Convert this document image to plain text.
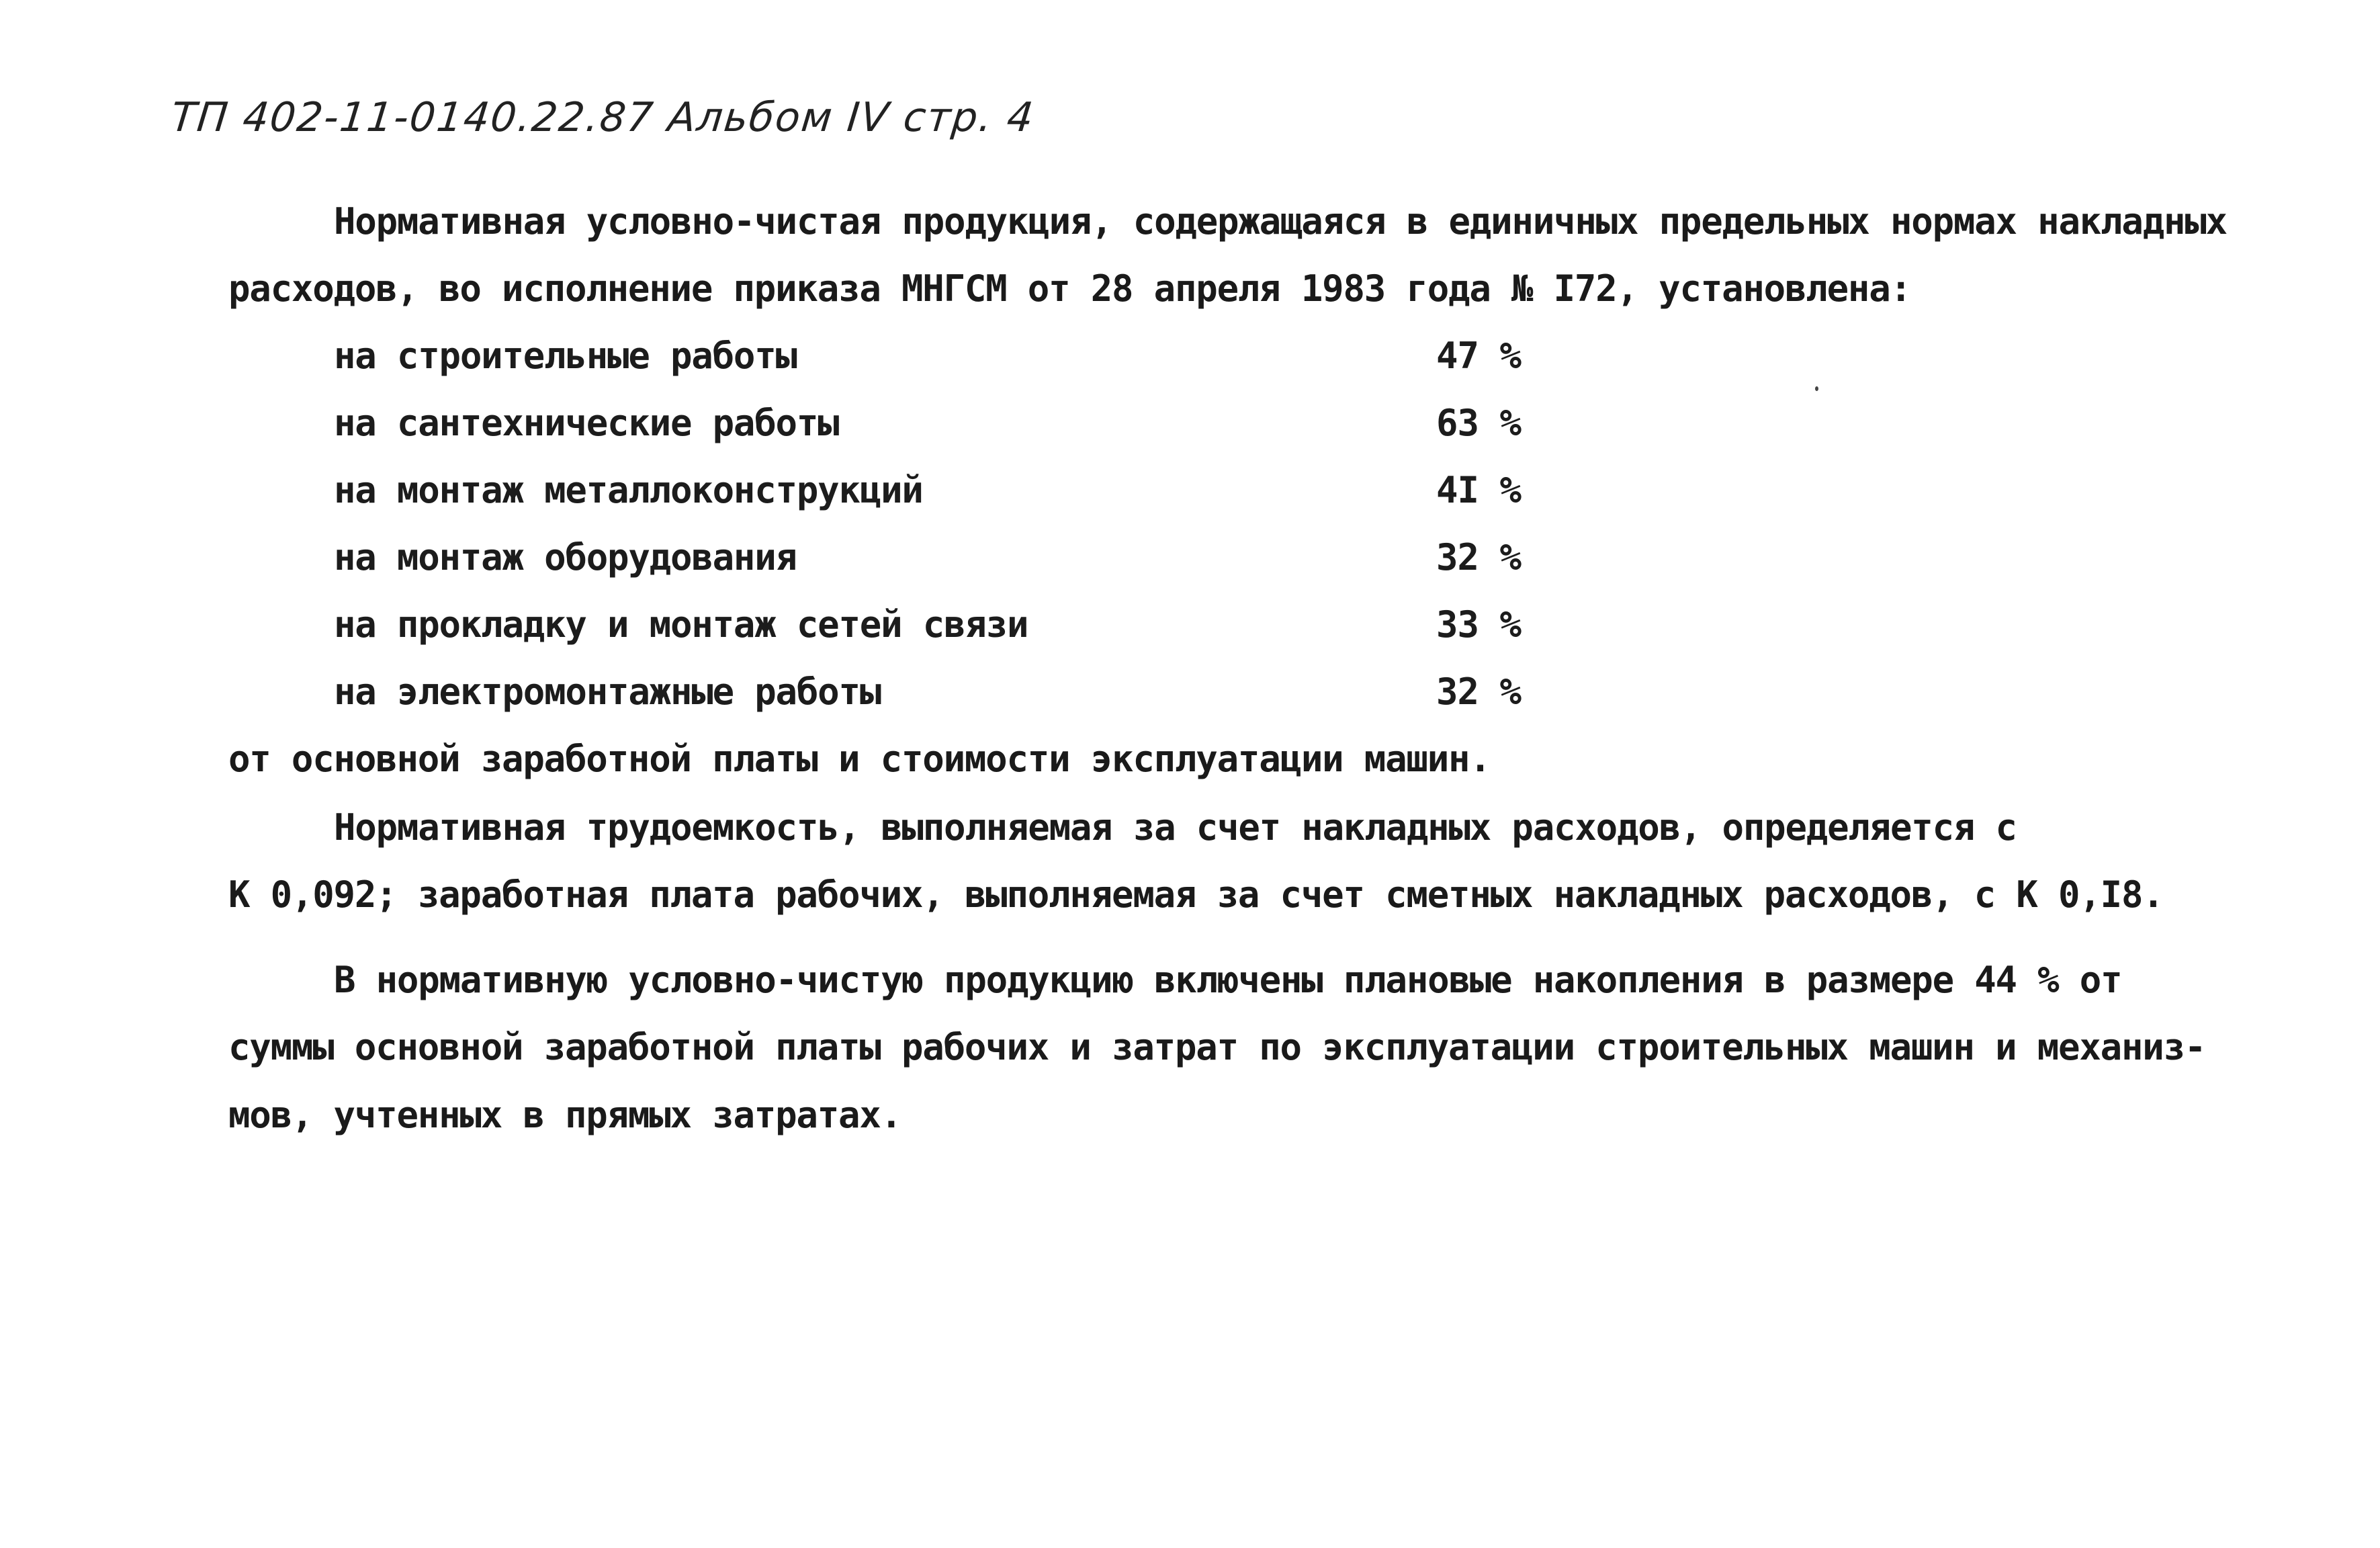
ТП 402-11-0140.22.87 Альбом IV стр. 4
Нормативная условно-чистая продукция, содержащаяся в единичных предельных нормах накладных
расходов, во исполнение приказа МНГСМ от 28 апреля 1983 года № I72, установлена:
на строительные работы	47 %
на сантехнические работы	63 %
на монтаж металлоконструкций	4I %
на монтаж оборудования	32 %
на прокладку и монтаж сетей связи	33 %
на электромонтажные работы	32 %
от основной заработной платы и стоимости эксплуатации машин.
Нормативная трудоемкость, выполняемая за счет накладных расходов, определяется с
К 0,092; заработная плата рабочих, выполняемая за счет сметных накладных расходов, с К 0,I8.
В нормативную условно-чистую продукцию включены плановые накопления в размере 44 % от
суммы основной заработной платы рабочих и затрат по эксплуатации строительных машин и механиз-
мов, учтенных в прямых затратах.
